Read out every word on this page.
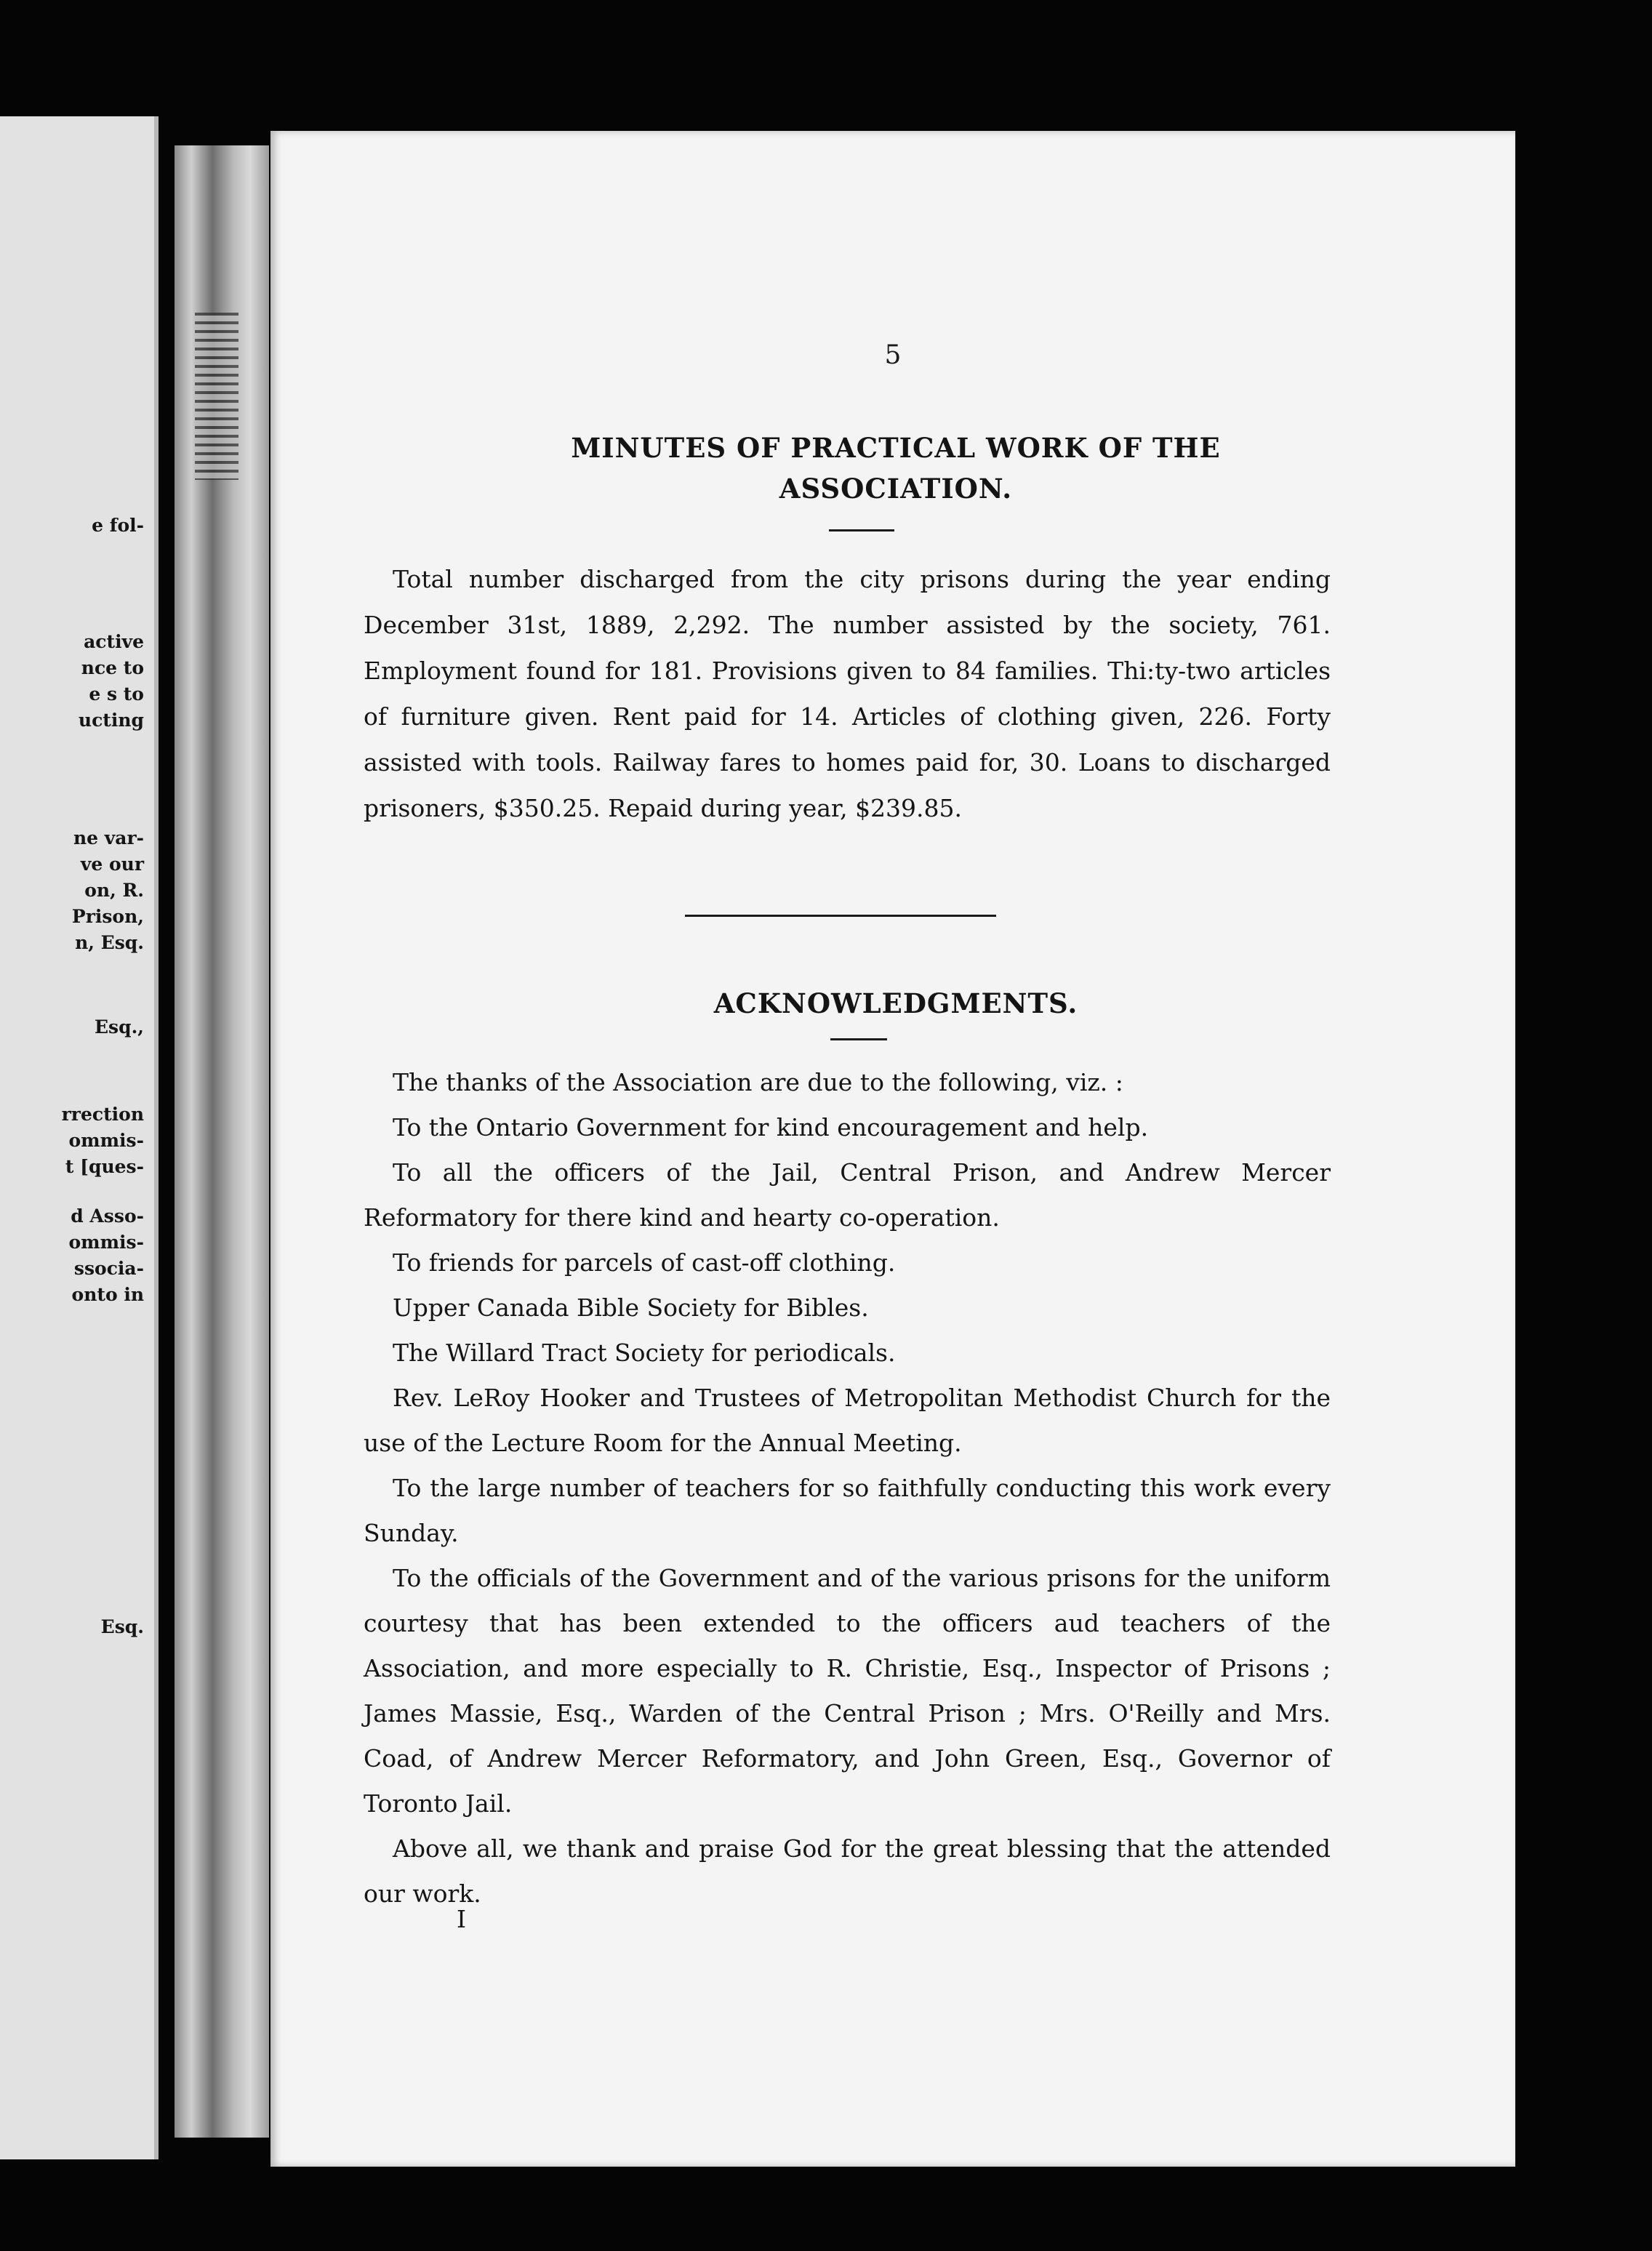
e fol-
active
nce to
e s to
ucting
ne var-
ve our
on, R.
Prison,
n, Esq.
Esq.,
rrection
ommis-
t [ques-
d Asso-
ommis-
ssocia-
onto in
Esq.
5
MINUTES OF PRACTICAL WORK OF THE ASSOCIATION.

Total number discharged from the city prisons during the year ending December 31st, 1889, 2,292. The number assisted by the society, 761. Employment found for 181. Provisions given to 84 families. Thi:ty-two articles of furniture given. Rent paid for 14. Articles of clothing given, 226. Forty assisted with tools. Railway fares to homes paid for, 30. Loans to discharged prisoners, $350.25. Repaid during year, $239.85.

ACKNOWLEDGMENTS.

The thanks of the Association are due to the following, viz. :

To the Ontario Government for kind encouragement and help.

To all the officers of the Jail, Central Prison, and Andrew Mercer Reformatory for there kind and hearty co-operation.

To friends for parcels of cast-off clothing.

Upper Canada Bible Society for Bibles.

The Willard Tract Society for periodicals.

Rev. LeRoy Hooker and Trustees of Metropolitan Methodist Church for the use of the Lecture Room for the Annual Meeting.

To the large number of teachers for so faithfully conducting this work every Sunday.

To the officials of the Government and of the various prisons for the uniform courtesy that has been extended to the officers aud teachers of the Association, and more especially to R. Christie, Esq., Inspector of Prisons ; James Massie, Esq., Warden of the Central Prison ; Mrs. O'Reilly and Mrs. Coad, of Andrew Mercer Reformatory, and John Green, Esq., Governor of Toronto Jail.

Above all, we thank and praise God for the great blessing that the attended our work.

I
